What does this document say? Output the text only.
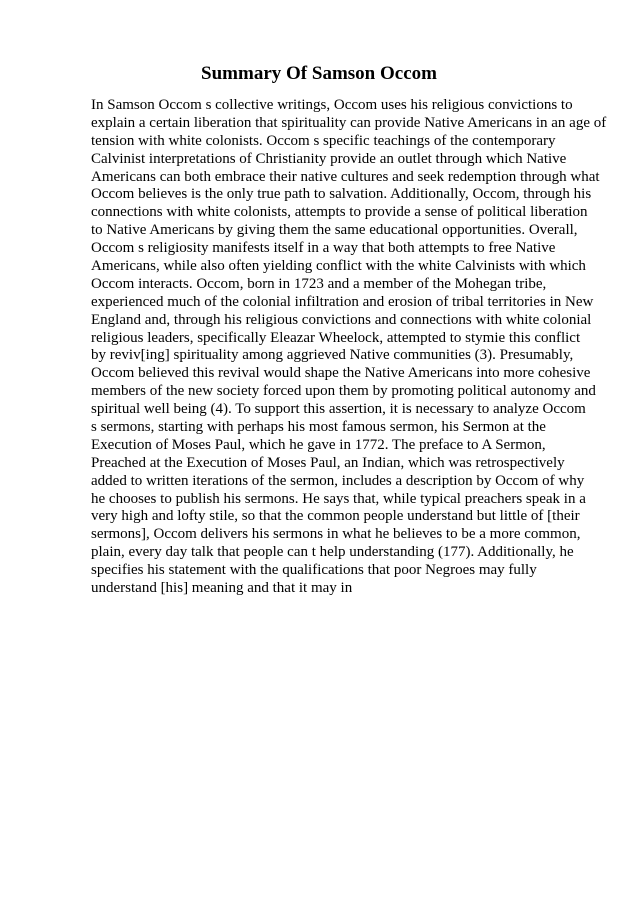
Summary Of Samson Occom
In Samson Occom s collective writings, Occom uses his religious convictions to
explain a certain liberation that spirituality can provide Native Americans in an age of
tension with white colonists. Occom s specific teachings of the contemporary
Calvinist interpretations of Christianity provide an outlet through which Native
Americans can both embrace their native cultures and seek redemption through what
Occom believes is the only true path to salvation. Additionally, Occom, through his
connections with white colonists, attempts to provide a sense of political liberation
to Native Americans by giving them the same educational opportunities. Overall,
Occom s religiosity manifests itself in a way that both attempts to free Native
Americans, while also often yielding conflict with the white Calvinists with which
Occom interacts. Occom, born in 1723 and a member of the Mohegan tribe,
experienced much of the colonial infiltration and erosion of tribal territories in New
England and, through his religious convictions and connections with white colonial
religious leaders, specifically Eleazar Wheelock, attempted to stymie this conflict
by reviv[ing] spirituality among aggrieved Native communities (3). Presumably,
Occom believed this revival would shape the Native Americans into more cohesive
members of the new society forced upon them by promoting political autonomy and
spiritual well being (4). To support this assertion, it is necessary to analyze Occom
s sermons, starting with perhaps his most famous sermon, his Sermon at the
Execution of Moses Paul, which he gave in 1772. The preface to A Sermon,
Preached at the Execution of Moses Paul, an Indian, which was retrospectively
added to written iterations of the sermon, includes a description by Occom of why
he chooses to publish his sermons. He says that, while typical preachers speak in a
very high and lofty stile, so that the common people understand but little of [their
sermons], Occom delivers his sermons in what he believes to be a more common,
plain, every day talk that people can t help understanding (177). Additionally, he
specifies his statement with the qualifications that poor Negroes may fully
understand [his] meaning and that it may in
